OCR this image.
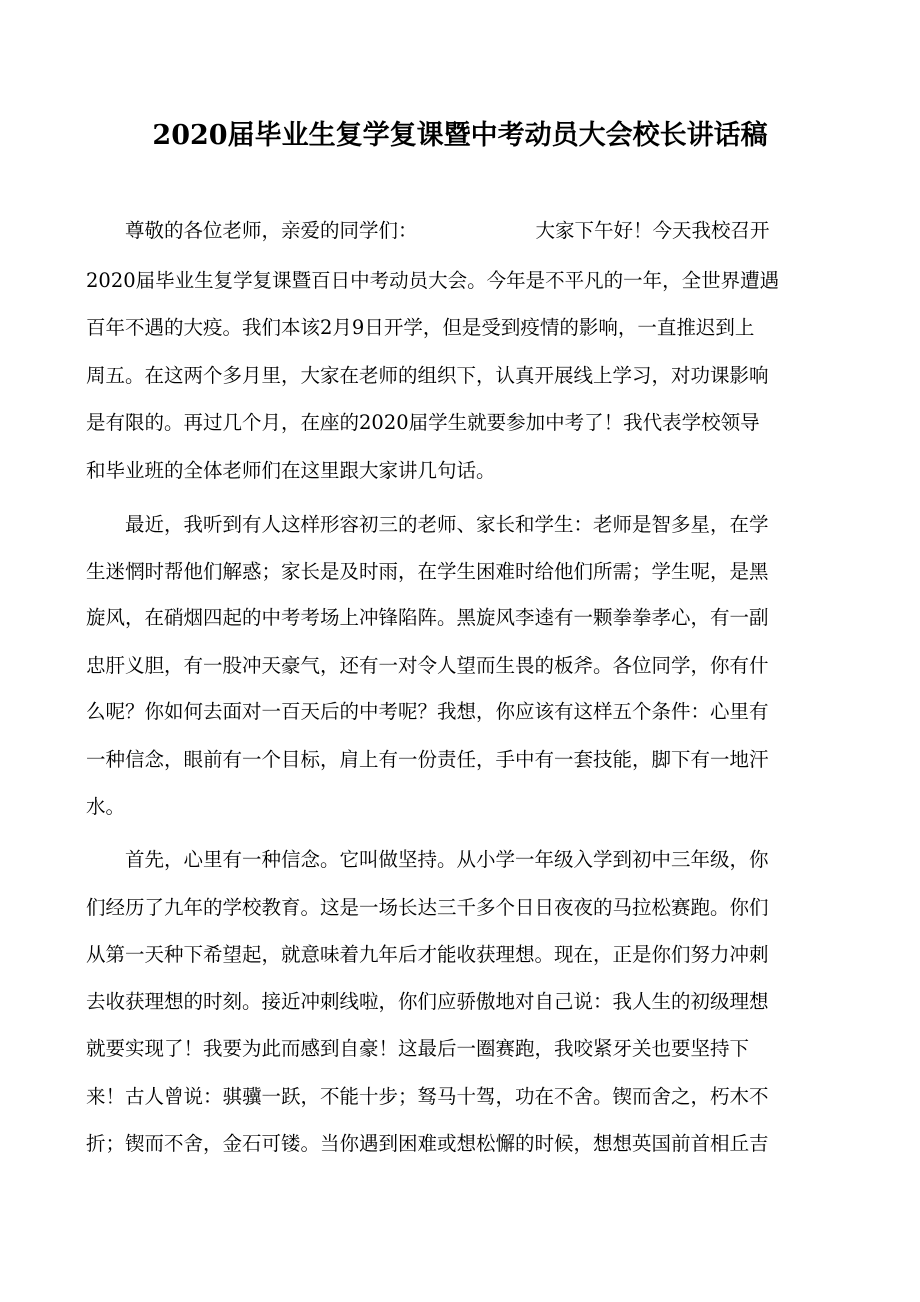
2020届毕业生复学复课暨中考动员大会校长讲话稿
尊敬的各位老师，亲爱的同学们：	大家下午好！今天我校召开
2020届毕业生复学复课暨百日中考动员大会。今年是不平凡的一年，全世界遭遇
百年不遇的大疫。我们本该2月9日开学，但是受到疫情的影响，一直推迟到上
周五。在这两个多月里，大家在老师的组织下，认真开展线上学习，对功课影响
是有限的。再过几个月，在座的2020届学生就要参加中考了！我代表学校领导
和毕业班的全体老师们在这里跟大家讲几句话。
最近，我听到有人这样形容初三的老师、家长和学生：老师是智多星，在学
生迷惘时帮他们解惑；家长是及时雨，在学生困难时给他们所需；学生呢，是黑
旋风，在硝烟四起的中考考场上冲锋陷阵。黑旋风李逵有一颗拳拳孝心，有一副
忠肝义胆，有一股冲天豪气，还有一对令人望而生畏的板斧。各位同学，你有什
么呢？你如何去面对一百天后的中考呢？我想，你应该有这样五个条件：心里有
一种信念，眼前有一个目标，肩上有一份责任，手中有一套技能，脚下有一地汗
水。
首先，心里有一种信念。它叫做坚持。从小学一年级入学到初中三年级，你
们经历了九年的学校教育。这是一场长达三千多个日日夜夜的马拉松赛跑。你们
从第一天种下希望起，就意味着九年后才能收获理想。现在，正是你们努力冲刺
去收获理想的时刻。接近冲刺线啦，你们应骄傲地对自己说：我人生的初级理想
就要实现了！我要为此而感到自豪！这最后一圈赛跑，我咬紧牙关也要坚持下
来！古人曾说：骐骥一跃，不能十步；驽马十驾，功在不舍。锲而舍之，朽木不
折；锲而不舍，金石可镂。当你遇到困难或想松懈的时候，想想英国前首相丘吉
